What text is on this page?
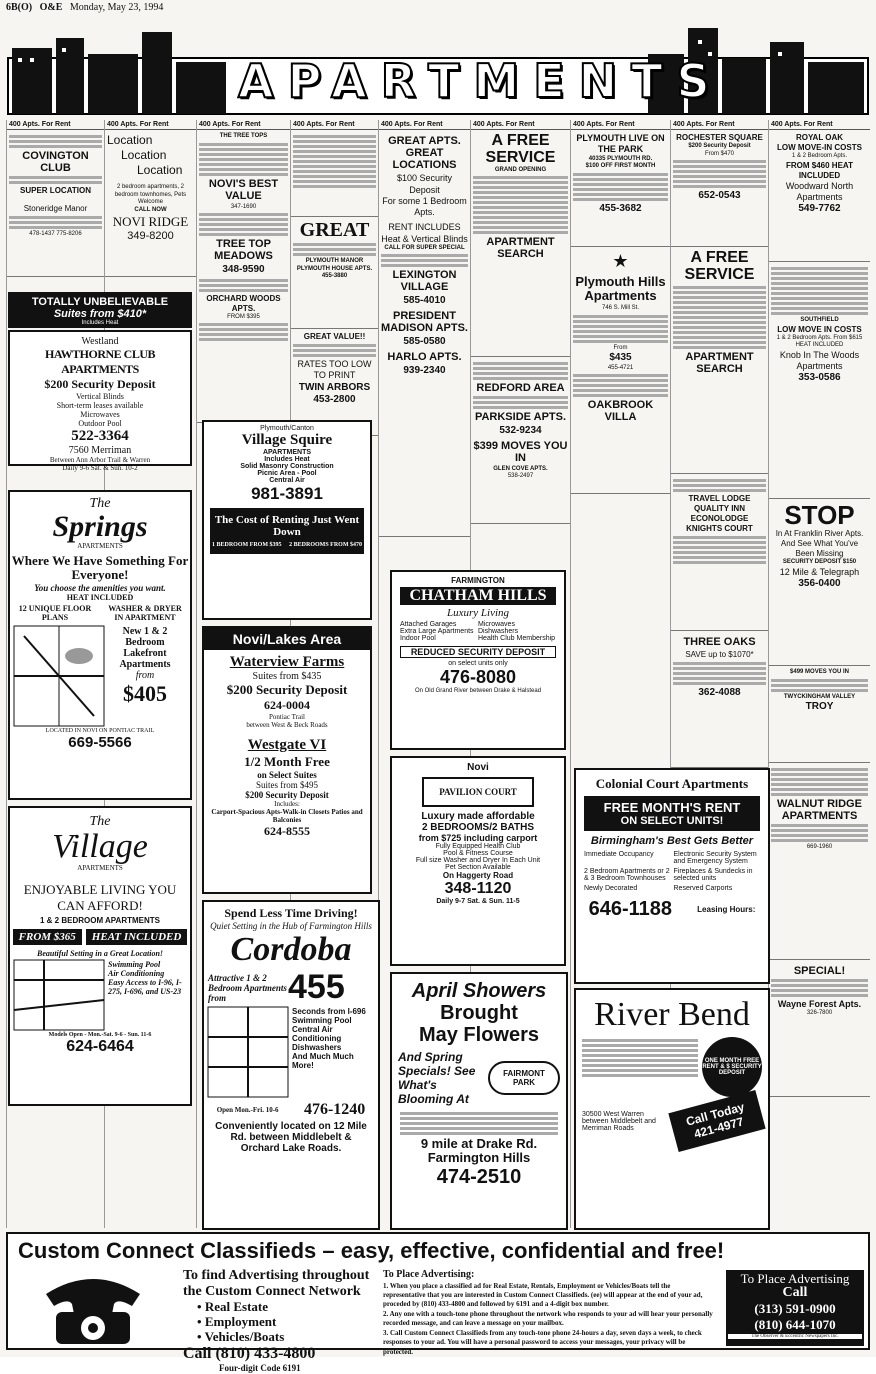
6B(O) O&E Monday, May 23, 1994
APARTMENTS
400 Apts. For Rent
COVINGTON CLUB
SUPER LOCATION
Stoneridge Manor
478-1437 775-8206
400 Apts. For Rent
Location
Location
Location
2 bedroom apartments, 2 bedroom townhomes, Pets Welcome
CALL NOW
NOVI RIDGE
349-8200
400 Apts. For Rent
THE TREE TOPS
NOVI'S BEST VALUE
347-1690
TREE TOP MEADOWS
348-9590
ORCHARD WOODS APTS.
FROM $395
400 Apts. For Rent
GREAT
PLYMOUTH MANOR PLYMOUTH HOUSE APTS.
455-3880
GREAT VALUE!!
RATES TOO LOW TO PRINT
TWIN ARBORS
453-2800
400 Apts. For Rent
GREAT APTS. GREAT LOCATIONS
$100 Security Deposit
For some 1 Bedroom Apts.
RENT INCLUDES Heat & Vertical Blinds
CALL FOR SUPER SPECIAL
LEXINGTON VILLAGE
585-4010
PRESIDENT MADISON APTS.
585-0580
HARLO APTS.
939-2340
400 Apts. For Rent
A FREE SERVICE
GRAND OPENING
APARTMENT SEARCH
REDFORD AREA
PARKSIDE APTS.
532-9234
$399 MOVES YOU IN
GLEN COVE APTS.
538-2497
400 Apts. For Rent
PLYMOUTH LIVE ON THE PARK
40335 PLYMOUTH RD.
$100 OFF FIRST MONTH
455-3682
★
Plymouth Hills Apartments
746 S. Mill St.
From
$435
455-4721
OAKBROOK VILLA
400 Apts. For Rent
ROCHESTER SQUARE
$200 Security Deposit
From $470
652-0543
A FREE SERVICE
APARTMENT SEARCH
TRAVEL LODGE QUALITY INN ECONOLODGE KNIGHTS COURT
THREE OAKS
SAVE up to $1070*
362-4088
400 Apts. For Rent
ROYAL OAK
LOW MOVE-IN COSTS
1 & 2 Bedroom Apts.
FROM $460 HEAT INCLUDED
Woodward North Apartments
549-7762
SOUTHFIELD
LOW MOVE IN COSTS
1 & 2 Bedroom Apts. From $615 HEAT INCLUDED
Knob In The Woods Apartments
353-0586
STOP
In At Franklin River Apts. And See What You've Been Missing
SECURITY DEPOSIT $150
12 Mile & Telegraph
356-0400
$499 MOVES YOU IN
TWYCKINGHAM VALLEY
TROY
WALNUT RIDGE APARTMENTS
669-1960
SPECIAL!
Wayne Forest Apts.
326-7800
TOTALLY UNBELIEVABLE
Suites from $410*
Includes Heat
Westland
HAWTHORNE CLUB APARTMENTS
$200 Security Deposit
Vertical Blinds
Short-term leases available
Microwaves
Outdoor Pool
522-3364
7560 Merriman
Between Ann Arbor Trail & Warren
Daily 9-6 Sat. & Sun. 10-2
The
Springs
APARTMENTS
Where We Have Something For Everyone!
You choose the amenities you want.
HEAT INCLUDED
12 UNIQUE FLOOR PLANS
WASHER & DRYER IN APARTMENT
New 1 & 2 Bedroom Lakefront Apartments
from
$405
LOCATED IN NOVI ON PONTIAC TRAIL
669-5566
The
Village
APARTMENTS
ENJOYABLE LIVING YOU CAN AFFORD!
1 & 2 BEDROOM APARTMENTS
FROM $365	HEAT INCLUDED
Beautiful Setting in a Great Location!
Swimming Pool
Air Conditioning
Easy Access to I-96, I-275, I-696, and US-23
Models Open - Mon.-Sat. 9-6 - Sun. 11-6
624-6464
Plymouth/Canton
Village Squire
APARTMENTS
Includes Heat
Solid Masonry Construction
Picnic Area - Pool
Central Air
981-3891
The Cost of Renting Just Went Down
1 BEDROOM FROM $395 2 BEDROOMS FROM $470
Novi/Lakes Area
Waterview Farms
Suites from $435
$200 Security Deposit
624-0004
Pontiac Trail
between West & Beck Roads
Westgate VI
1/2 Month Free
on Select Suites
Suites from $495
$200 Security Deposit
Includes:
Carport-Spacious Apts-Walk-in Closets Patios and Balconies
624-8555
FARMINGTON
CHATHAM HILLS
Luxury Living
Attached Garages	Microwaves
Extra Large Apartments Dishwashers
Indoor Pool	Health Club Membership
REDUCED SECURITY DEPOSIT
on select units only
476-8080
On Old Grand River between Drake & Halstead
Novi
PAVILION COURT
Luxury made affordable
2 BEDROOMS/2 BATHS
from $725 including carport
Fully Equipped Health Club
Pool & Fitness Course
Full size Washer and Dryer In Each Unit
Pet Section Available
On Haggerty Road
348-1120
Daily 9-7 Sat. & Sun. 11-5
Colonial Court Apartments
FREE MONTH'S RENT
ON SELECT UNITS!
Birmingham's Best Gets Better
Immediate Occupancy	Electronic Security System and Emergency System
2 Bedroom Apartments or 2 & 3 Bedroom Townhouses
Fireplaces & Sundecks in selected units
Newly Decorated	Reserved Carports
646-1188	Leasing Hours:
Spend Less Time Driving!
Quiet Setting in the Hub of Farmington Hills
Cordoba
Attractive 1 & 2 Bedroom Apartments from	455
Seconds from I-696
Swimming Pool
Central Air Conditioning
Dishwashers
And Much Much More!
Open Mon.-Fri. 10-6 476-1240
Conveniently located on 12 Mile Rd. between Middlebelt & Orchard Lake Roads.
April Showers
Brought
May Flowers
And Spring Specials! See What's Blooming At
FAIRMONT PARK
9 mile at Drake Rd. Farmington Hills
474-2510
River Bend
ONE MONTH FREE RENT & $ SECURITY DEPOSIT
30500 West Warren between Middlebelt and Merriman Roads	Call Today 421-4977
Custom Connect Classifieds – easy, effective, confidential and free!
To find Advertising throughout the Custom Connect Network
• Real Estate
• Employment
• Vehicles/Boats
Call (810) 433-4800
Four-digit Code 6191
To Place Advertising:
1. When you place a classified ad for Real Estate, Rentals, Employment or Vehicles/Boats tell the representative that you are interested in Custom Connect Classifieds. (ee) will appear at the end of your ad, proceded by (810) 433-4800 and followed by 6191 and a 4-digit box number.
2. Any one with a touch-tone phone throughout the network who responds to your ad will hear your personally recorded message, and can leave a message on your mailbox.
3. Call Custom Connect Classifieds from any touch-tone phone 24-hours a day, seven days a week, to check responses to your ad. You will have a personal password to access your messages, your privacy will be protected.
To Place Advertising
Call
(313) 591-0900
(810) 644-1070
The Observer & Eccentric Newspapers Inc.
